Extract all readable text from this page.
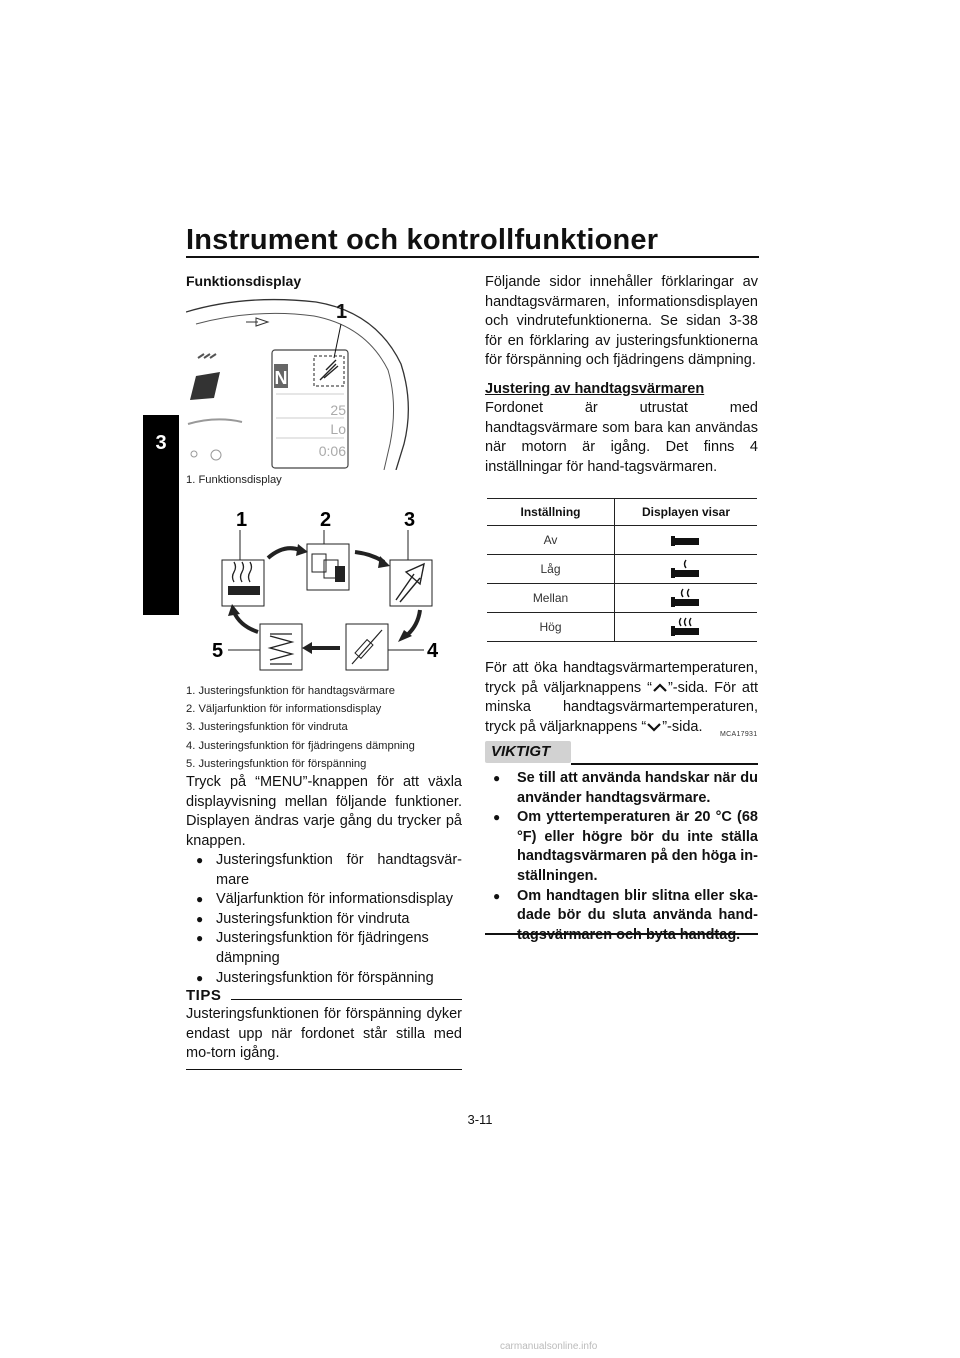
Instrument och kontrollfunktioner
3
Funktionsdisplay
N
25
Lo
0:06
1
1. Funktionsdisplay
1	2	3
4
5
1. Justeringsfunktion för handtagsvärmare
2. Väljarfunktion för informationsdisplay
3. Justeringsfunktion för vindruta
4. Justeringsfunktion för fjädringens dämpning
5. Justeringsfunktion för förspänning
Tryck på “MENU”-knappen för att växla displayvisning mellan följande funktioner. Displayen ändras varje gång du trycker på knappen.
● Justeringsfunktion för handtagsvär-mare
● Väljarfunktion för informationsdisplay
● Justeringsfunktion för vindruta
● Justeringsfunktion för fjädringens dämpning
● Justeringsfunktion för förspänning
TIPS
Justeringsfunktionen för förspänning dyker endast upp när fordonet står stilla med mo-torn igång.
Följande sidor innehåller förklaringar av handtagsvärmaren, informationsdisplayen och vindrutefunktionerna. Se sidan 3-38 för en förklaring av justeringsfunktionerna för förspänning och fjädringens dämpning.
Justering av handtagsvärmaren
Fordonet är utrustat med handtagsvärmare som bara kan användas när motorn är igång. Det finns 4 inställningar för hand-tagsvärmaren.
Inställning	Displayen visar
Av	
Låg	
Mellan	
Hög	
För att öka handtagsvärmartemperaturen, tryck på väljarknappens “ ”-sida. För att minska handtagsvärmartemperaturen, tryck på väljarknappens “ ”-sida.	MCA17931
VIKTIGT
● Se till att använda handskar när du använder handtagsvärmare.
● Om yttertemperaturen är 20 °C (68 °F) eller högre bör du inte ställa handtagsvärmaren på den höga in-ställningen.
● Om handtagen blir slitna eller ska-dade bör du sluta använda hand-
3-11
carmanualsonline.info
